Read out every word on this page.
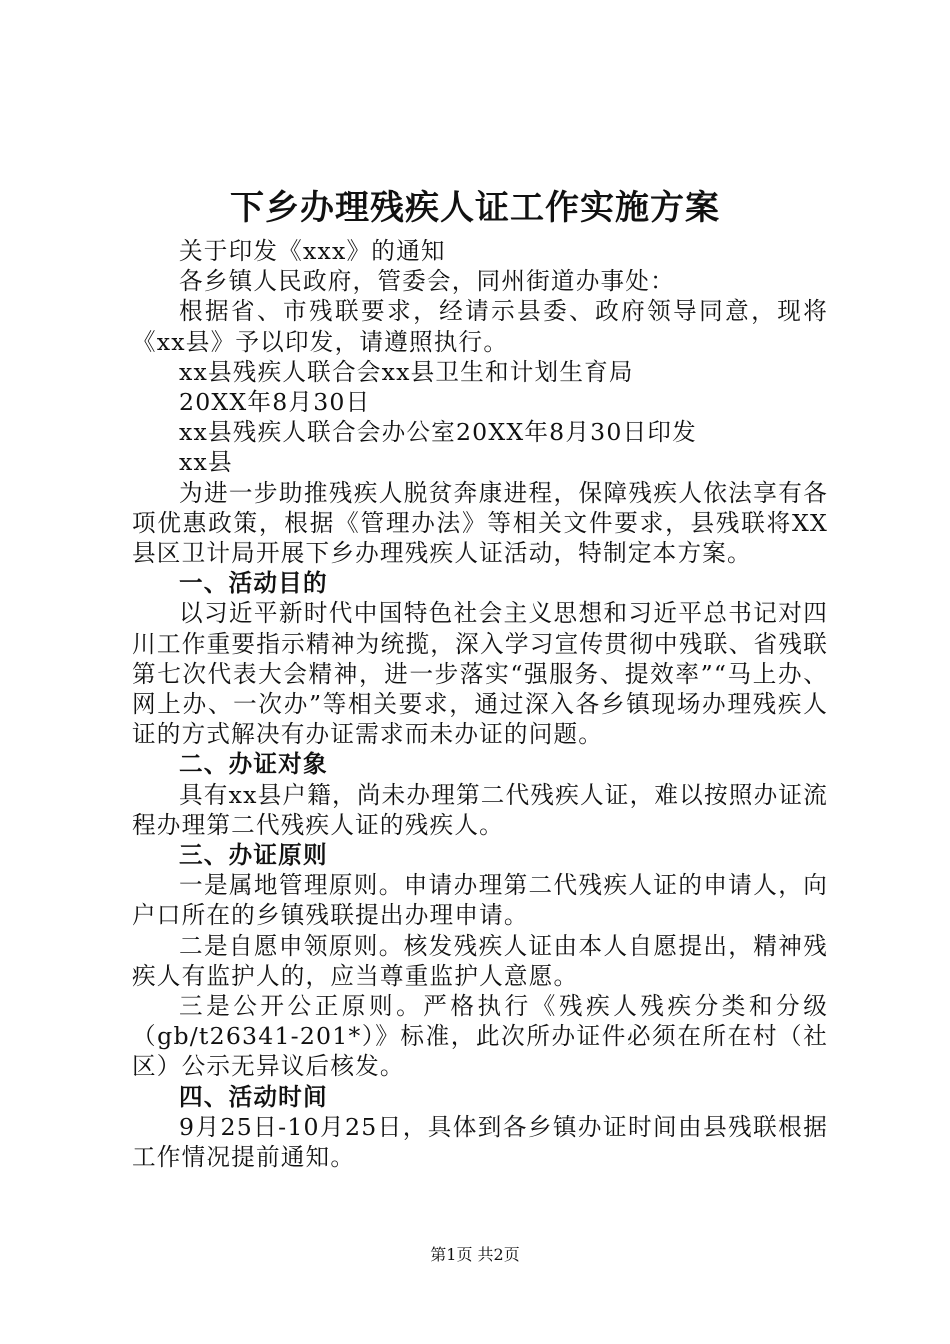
下乡办理残疾人证工作实施方案

关于印发《xxx》的通知

各乡镇人民政府，管委会，同州街道办事处：

根据省、市残联要求，经请示县委、政府领导同意，现将《xx县》予以印发，请遵照执行。

xx县残疾人联合会xx县卫生和计划生育局

20XX年8月30日

xx县残疾人联合会办公室20XX年8月30日印发

xx县

为进一步助推残疾人脱贫奔康进程，保障残疾人依法享有各项优惠政策，根据《管理办法》等相关文件要求，县残联将XX县区卫计局开展下乡办理残疾人证活动，特制定本方案。

一、活动目的

以习近平新时代中国特色社会主义思想和习近平总书记对四川工作重要指示精神为统揽，深入学习宣传贯彻中残联、省残联第七次代表大会精神，进一步落实“强服务、提效率”“马上办、网上办、一次办”等相关要求，通过深入各乡镇现场办理残疾人证的方式解决有办证需求而未办证的问题。

二、办证对象

具有xx县户籍，尚未办理第二代残疾人证，难以按照办证流程办理第二代残疾人证的残疾人。

三、办证原则

一是属地管理原则。申请办理第二代残疾人证的申请人，向户口所在的乡镇残联提出办理申请。

二是自愿申领原则。核发残疾人证由本人自愿提出，精神残疾人有监护人的，应当尊重监护人意愿。

三是公开公正原则。严格执行《残疾人残疾分类和分级（gb/t26341-201*）》标准，此次所办证件必须在所在村（社区）公示无异议后核发。

四、活动时间

9月25日-10月25日，具体到各乡镇办证时间由县残联根据工作情况提前通知。

第1页 共2页
